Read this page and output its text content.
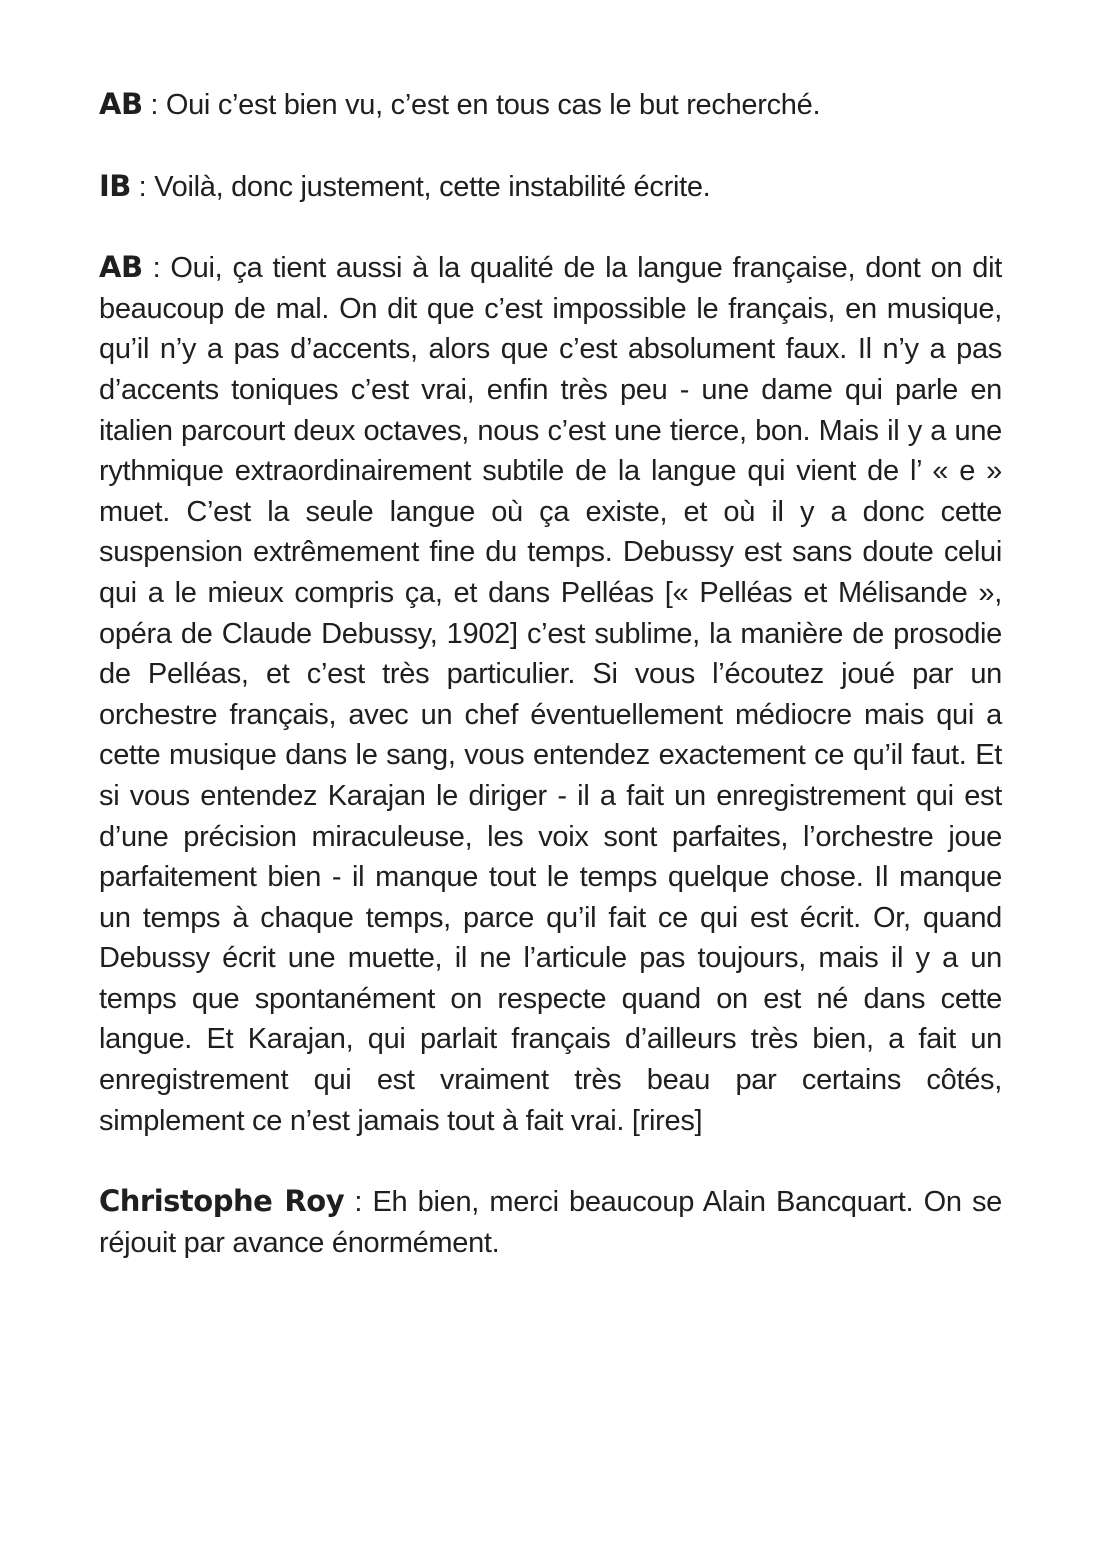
AB : Oui c’est bien vu, c’est en tous cas le but recherché.

IB : Voilà, donc justement, cette instabilité écrite.

AB : Oui, ça tient aussi à la qualité de la langue française, dont on dit beaucoup de mal. On dit que c’est impossible le français, en musique, qu’il n’y a pas d’accents, alors que c’est absolument faux. Il n’y a pas d’accents toniques c’est vrai, enfin très peu - une dame qui parle en italien parcourt deux octaves, nous c’est une tierce, bon. Mais il y a une rythmique extraordinairement subtile de la langue qui vient de l’ « e » muet. C’est la seule langue où ça existe, et où il y a donc cette suspension extrêmement fine du temps. Debussy est sans doute celui qui a le mieux compris ça, et dans Pelléas [« Pelléas et Mélisande », opéra de Claude Debussy, 1902] c’est sublime, la manière de prosodie de Pelléas, et c’est très particulier. Si vous l’écoutez joué par un orchestre français, avec un chef éventuellement médiocre mais qui a cette musique dans le sang, vous entendez exactement ce qu’il faut. Et si vous entendez Karajan le diriger - il a fait un enregistrement qui est d’une précision miraculeuse, les voix sont parfaites, l’orchestre joue parfaitement bien - il manque tout le temps quelque chose. Il manque un temps à chaque temps, parce qu’il fait ce qui est écrit. Or, quand Debussy écrit une muette, il ne l’articule pas toujours, mais il y a un temps que spontanément on respecte quand on est né dans cette langue. Et Karajan, qui parlait français d’ailleurs très bien, a fait un enregistrement qui est vraiment très beau par certains côtés, simplement ce n’est jamais tout à fait vrai. [rires]

Christophe Roy : Eh bien, merci beaucoup Alain Bancquart. On se réjouit par avance énormément.
